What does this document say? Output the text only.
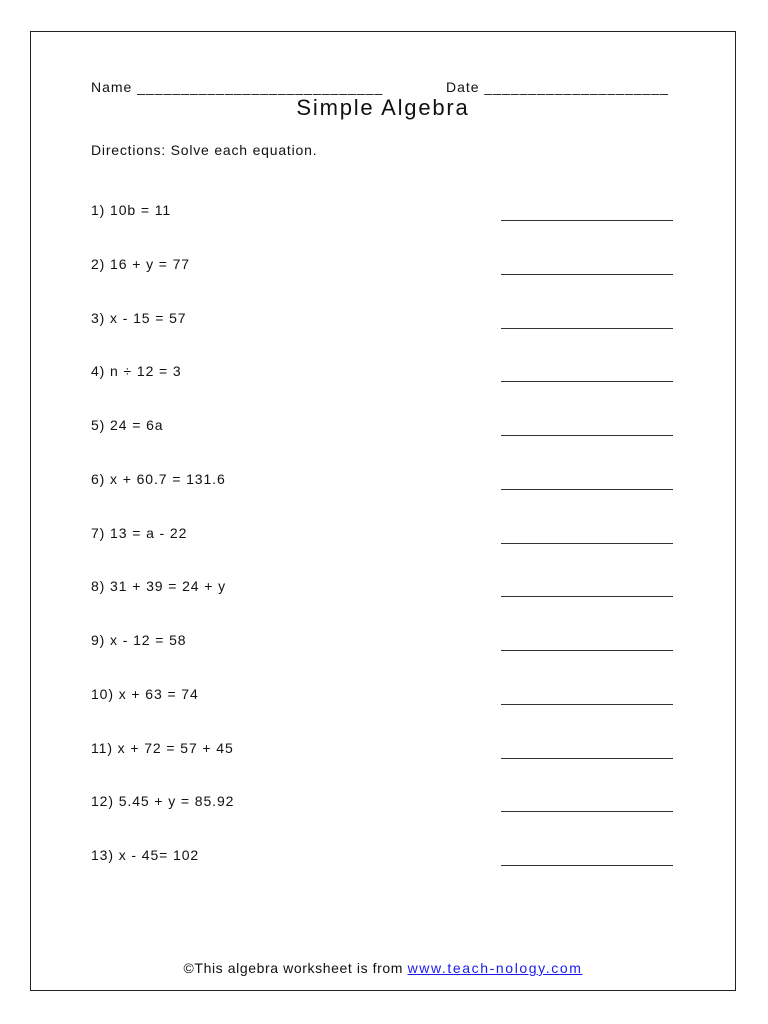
Name ____________________________	Date _____________________
Simple Algebra
Directions: Solve each equation.
1) 10b = 11
2) 16 + y = 77
3) x - 15 = 57
4) n ÷ 12 = 3
5) 24 = 6a
6) x + 60.7 = 131.6
7) 13 = a - 22
8) 31 + 39 = 24 + y
9) x - 12 = 58
10) x + 63 = 74
11) x + 72 = 57 + 45
12) 5.45 + y = 85.92
13) x - 45= 102
©This algebra worksheet is from www.teach-nology.com
